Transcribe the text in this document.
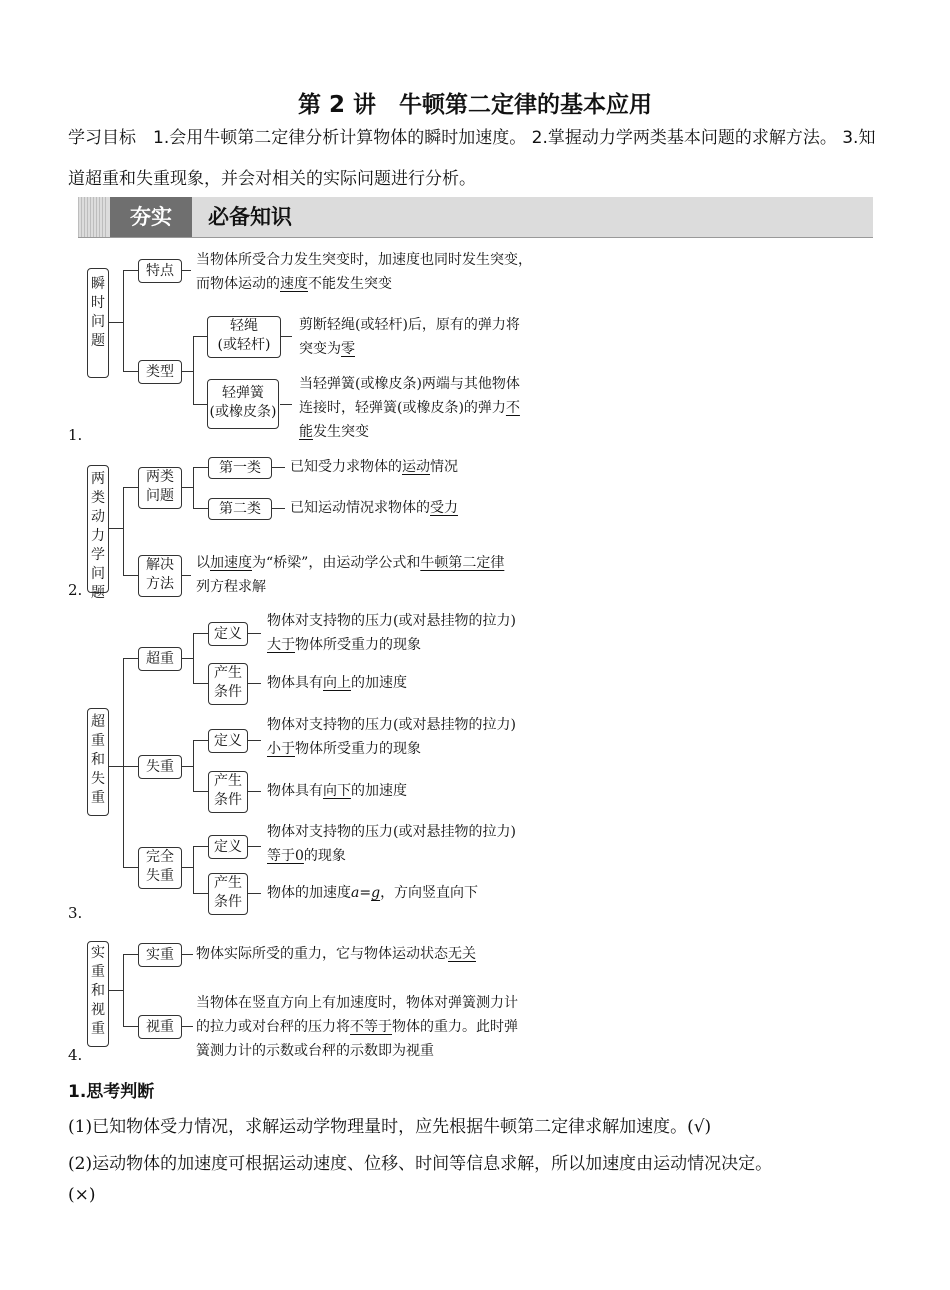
第 2 讲　牛顿第二定律的基本应用
学习目标　1.会用牛顿第二定律分析计算物体的瞬时加速度。 2.掌握动力学两类基本问题的求解方法。 3.知道超重和失重现象，并会对相关的实际问题进行分析。
夯实	必备知识
1.
瞬时问题
特点
当物体所受合力发生突变时，加速度也同时发生突变，
而物体运动的速度不能发生突变
类型
轻绳
(或轻杆)
剪断轻绳(或轻杆)后，原有的弹力将
突变为零
轻弹簧
(或橡皮条)
当轻弹簧(或橡皮条)两端与其他物体
连接时，轻弹簧(或橡皮条)的弹力不
能发生突变
2.
两类动力学问题
两类
问题
第一类	已知受力求物体的运动情况
第二类	已知运动情况求物体的受力
解决
方法
以加速度为“桥梁”，由运动学公式和牛顿第二定律
列方程求解
3.
超重和失重
超重
定义
物体对支持物的压力(或对悬挂物的拉力)
大于物体所受重力的现象
产生
条件
物体具有向上的加速度
失重
定义
物体对支持物的压力(或对悬挂物的拉力)
小于物体所受重力的现象
产生
条件
物体具有向下的加速度
完全
失重
定义
物体对支持物的压力(或对悬挂物的拉力)
等于0的现象
产生
条件
物体的加速度a=g，方向竖直向下
4.
实重和视重
实重	物体实际所受的重力，它与物体运动状态无关
视重
当物体在竖直方向上有加速度时，物体对弹簧测力计
的拉力或对台秤的压力将不等于物体的重力。此时弹
簧测力计的示数或台秤的示数即为视重
1.思考判断
(1)已知物体受力情况，求解运动学物理量时，应先根据牛顿第二定律求解加速度。(√)
(2)运动物体的加速度可根据运动速度、位移、时间等信息求解，所以加速度由运动情况决定。
(×)
